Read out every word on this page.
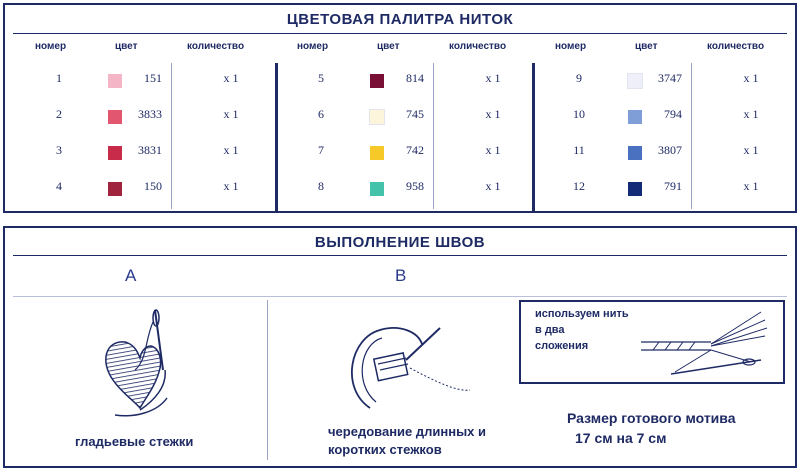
ЦВЕТОВАЯ ПАЛИТРА НИТОК
номер	цвет	количество
1	151	x 1
2	3833	x 1
3	3831	x 1
4	150	x 1
номер	цвет	количество
5	814	x 1
6	745	x 1
7	742	x 1
8	958	x 1
номер	цвет	количество
9	3747	x 1
10	794	x 1
11	3807	x 1
12	791	x 1
ВЫПОЛНЕНИЕ ШВОВ
A	B
гладьевые стежки
чередование длинных и
коротких стежков
используем нить
в два
сложения
Размер готового мотива
17 см на 7 см
